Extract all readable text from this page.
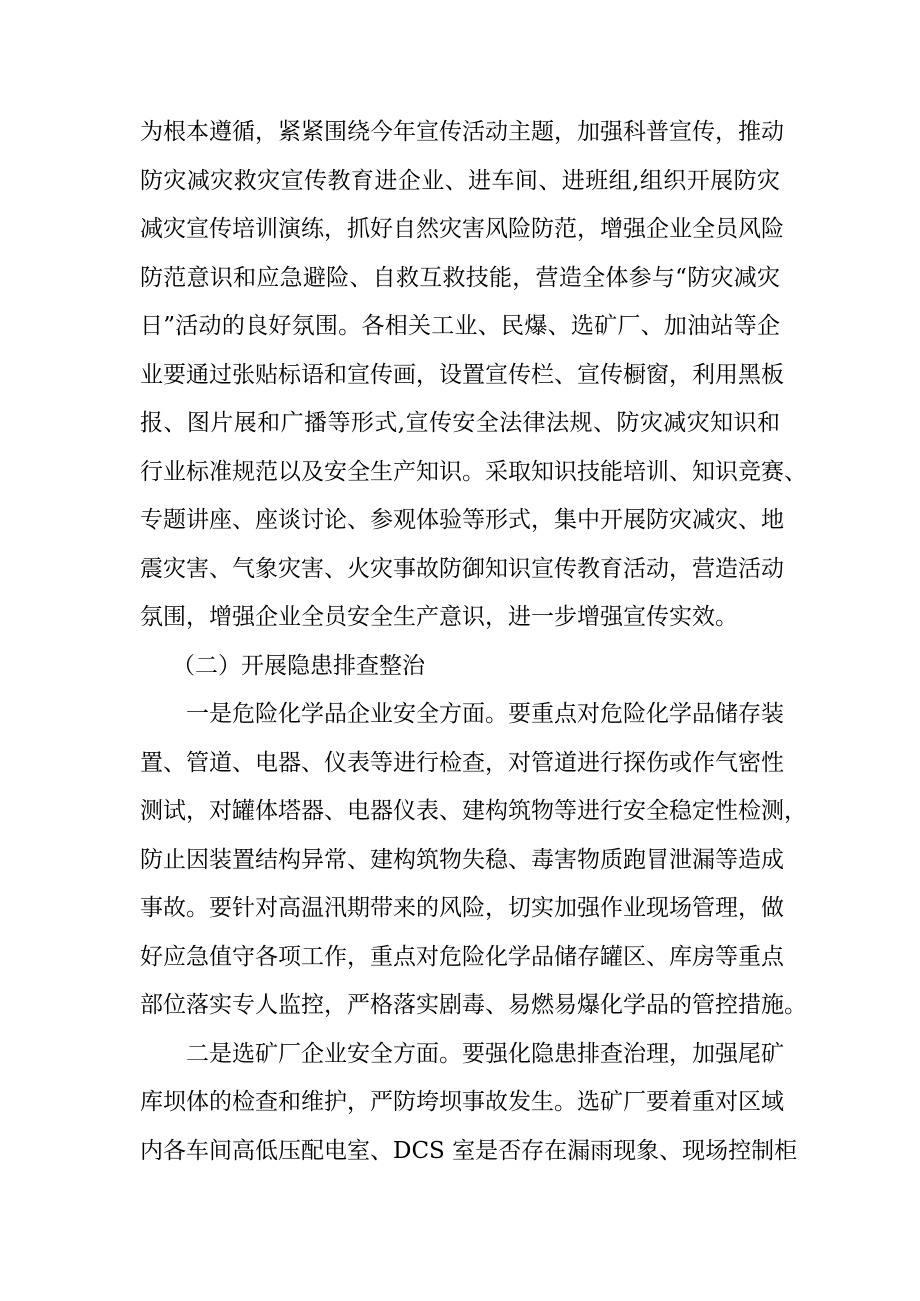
为根本遵循，紧紧围绕今年宣传活动主题，加强科普宣传，推动
防灾减灾救灾宣传教育进企业、进车间、进班组,组织开展防灾
减灾宣传培训演练，抓好自然灾害风险防范，增强企业全员风险
防范意识和应急避险、自救互救技能，营造全体参与“防灾减灾
日”活动的良好氛围。各相关工业、民爆、选矿厂、加油站等企
业要通过张贴标语和宣传画，设置宣传栏、宣传橱窗，利用黑板
报、图片展和广播等形式,宣传安全法律法规、防灾减灾知识和
行业标准规范以及安全生产知识。采取知识技能培训、知识竞赛、
专题讲座、座谈讨论、参观体验等形式，集中开展防灾减灾、地
震灾害、气象灾害、火灾事故防御知识宣传教育活动，营造活动
氛围，增强企业全员安全生产意识，进一步增强宣传实效。
（二）开展隐患排查整治
一是危险化学品企业安全方面。要重点对危险化学品储存装
置、管道、电器、仪表等进行检查，对管道进行探伤或作气密性
测试，对罐体塔器、电器仪表、建构筑物等进行安全稳定性检测，
防止因装置结构异常、建构筑物失稳、毒害物质跑冒泄漏等造成
事故。要针对高温汛期带来的风险，切实加强作业现场管理，做
好应急值守各项工作，重点对危险化学品储存罐区、库房等重点
部位落实专人监控，严格落实剧毒、易燃易爆化学品的管控措施。
二是选矿厂企业安全方面。要强化隐患排查治理，加强尾矿
库坝体的检查和维护，严防垮坝事故发生。选矿厂要着重对区域
内各车间高低压配电室、DCS 室是否存在漏雨现象、现场控制柜
